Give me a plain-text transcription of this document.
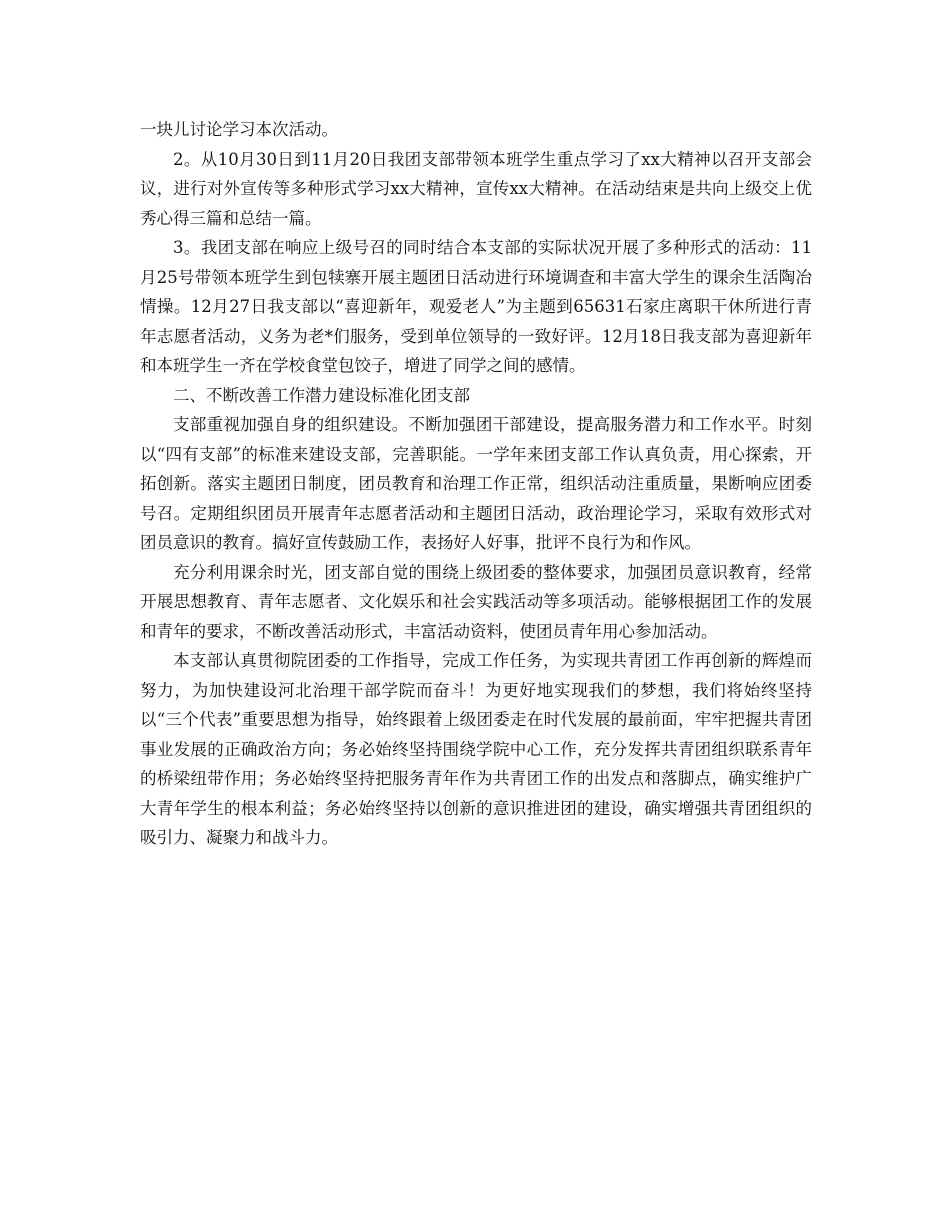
一块儿讨论学习本次活动。

2。从10月30日到11月20日我团支部带领本班学生重点学习了xx大精神以召开支部会议，进行对外宣传等多种形式学习xx大精神，宣传xx大精神。在活动结束是共向上级交上优秀心得三篇和总结一篇。

3。我团支部在响应上级号召的同时结合本支部的实际状况开展了多种形式的活动：11月25号带领本班学生到包犊寨开展主题团日活动进行环境调查和丰富大学生的课余生活陶冶情操。12月27日我支部以“喜迎新年，观爱老人”为主题到65631石家庄离职干休所进行青年志愿者活动，义务为老*们服务，受到单位领导的一致好评。12月18日我支部为喜迎新年和本班学生一齐在学校食堂包饺子，增进了同学之间的感情。

二、不断改善工作潜力建设标准化团支部

支部重视加强自身的组织建设。不断加强团干部建设，提高服务潜力和工作水平。时刻以“四有支部”的标准来建设支部，完善职能。一学年来团支部工作认真负责，用心探索，开拓创新。落实主题团日制度，团员教育和治理工作正常，组织活动注重质量，果断响应团委号召。定期组织团员开展青年志愿者活动和主题团日活动，政治理论学习，采取有效形式对团员意识的教育。搞好宣传鼓励工作，表扬好人好事，批评不良行为和作风。

充分利用课余时光，团支部自觉的围绕上级团委的整体要求，加强团员意识教育，经常开展思想教育、青年志愿者、文化娱乐和社会实践活动等多项活动。能够根据团工作的发展和青年的要求，不断改善活动形式，丰富活动资料，使团员青年用心参加活动。

本支部认真贯彻院团委的工作指导，完成工作任务，为实现共青团工作再创新的辉煌而努力，为加快建设河北治理干部学院而奋斗！为更好地实现我们的梦想，我们将始终坚持以“三个代表”重要思想为指导，始终跟着上级团委走在时代发展的最前面，牢牢把握共青团事业发展的正确政治方向；务必始终坚持围绕学院中心工作，充分发挥共青团组织联系青年的桥梁纽带作用；务必始终坚持把服务青年作为共青团工作的出发点和落脚点，确实维护广大青年学生的根本利益；务必始终坚持以创新的意识推进团的建设，确实增强共青团组织的吸引力、凝聚力和战斗力。
